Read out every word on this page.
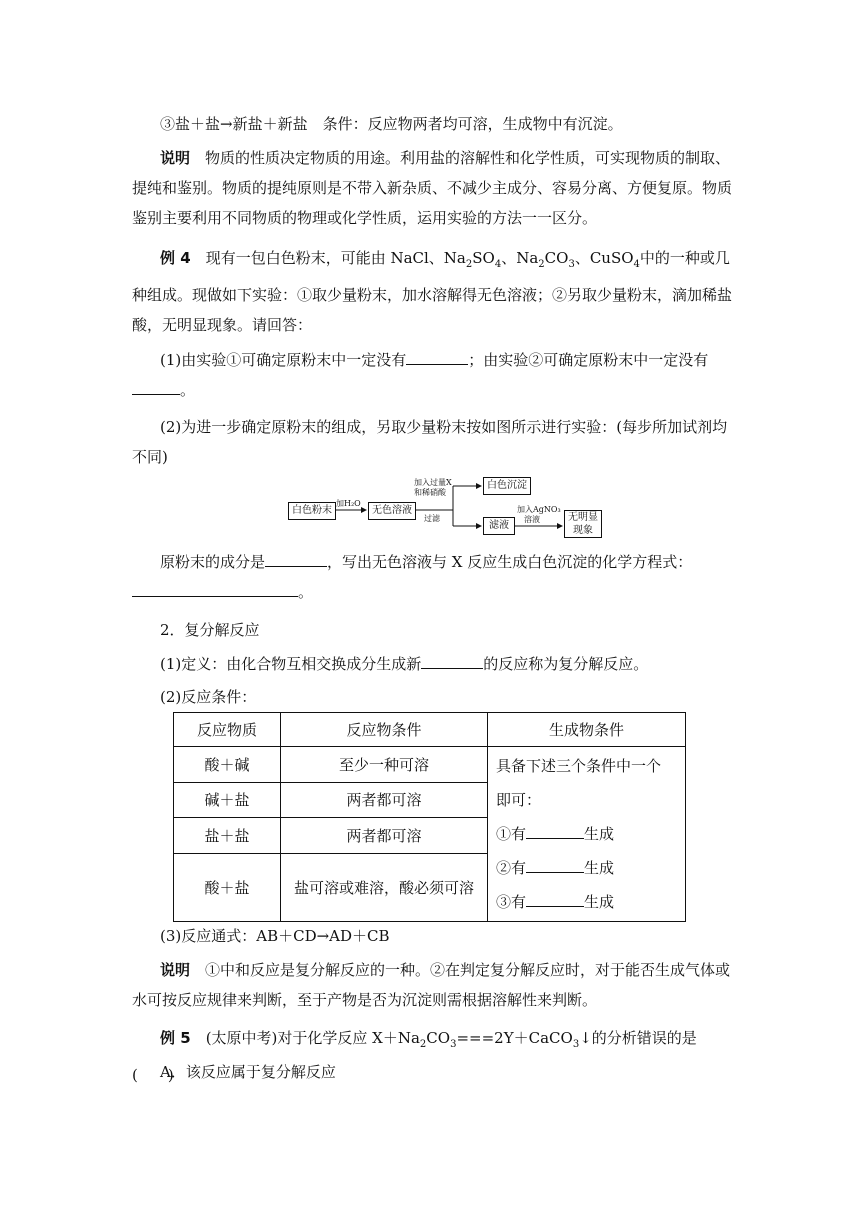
③盐＋盐→新盐＋新盐　条件：反应物两者均可溶，生成物中有沉淀。

说明　 物质的性质决定物质的用途。利用盐的溶解性和化学性质，可实现物质的制取、提纯和鉴别。物质的提纯原则是不带入新杂质、不减少主成分、容易分离、方便复原。物质鉴别主要利用不同物质的物理或化学性质，运用实验的方法一一区分。

例 4　 现有一包白色粉末，可能由 NaCl、$Na_2SO_4$、$Na_2CO_3$、CuSO$_4$中的一种或几种组成。现做如下实验：①取少量粉末，加水溶解得无色溶液；②另取少量粉末，滴加稀盐酸，无明显现象。请回答：

(1)由实验①可确定原粉末中一定没有	；由实验②可确定原粉末中一定没有。

(2)为进一步确定原粉末的组成，另取少量粉末按如图所示进行实验：(每步所加试剂均不同)

白色粉末
加H₂O
无色溶液
加入过量X
和稀硝酸
过滤
白色沉淀
滤液
加入AgNO₃
溶液	无明显
现象

原粉末的成分是	，写出无色溶液与 X 反应生成白色沉淀的化学方程式：。

2．复分解反应

(1)定义：由化合物互相交换成分生成新	的反应称为复分解反应。

(2)反应条件：

反应物质	反应物条件	生成物条件
酸＋碱	至少一种可溶	具备下述三个条件中一个
即可：
①有 生成
②有 生成
③有 生成

碱＋盐	两者都可溶	
盐＋盐	两者都可溶	
酸＋盐	盐可溶或难溶，酸必须可溶	

(3)反应通式：AB＋CD→AD＋CB

说明　 ①中和反应是复分解反应的一种。②在判定复分解反应时，对于能否生成气体或水可按反应规律来判断，至于产物是否为沉淀则需根据溶解性来判断。

例 5　 (太原中考)对于化学反应 $X+Na_2CO_3===2Y+CaCO_3↓$的分析错误的是(　　)

A．该反应属于复分解反应
